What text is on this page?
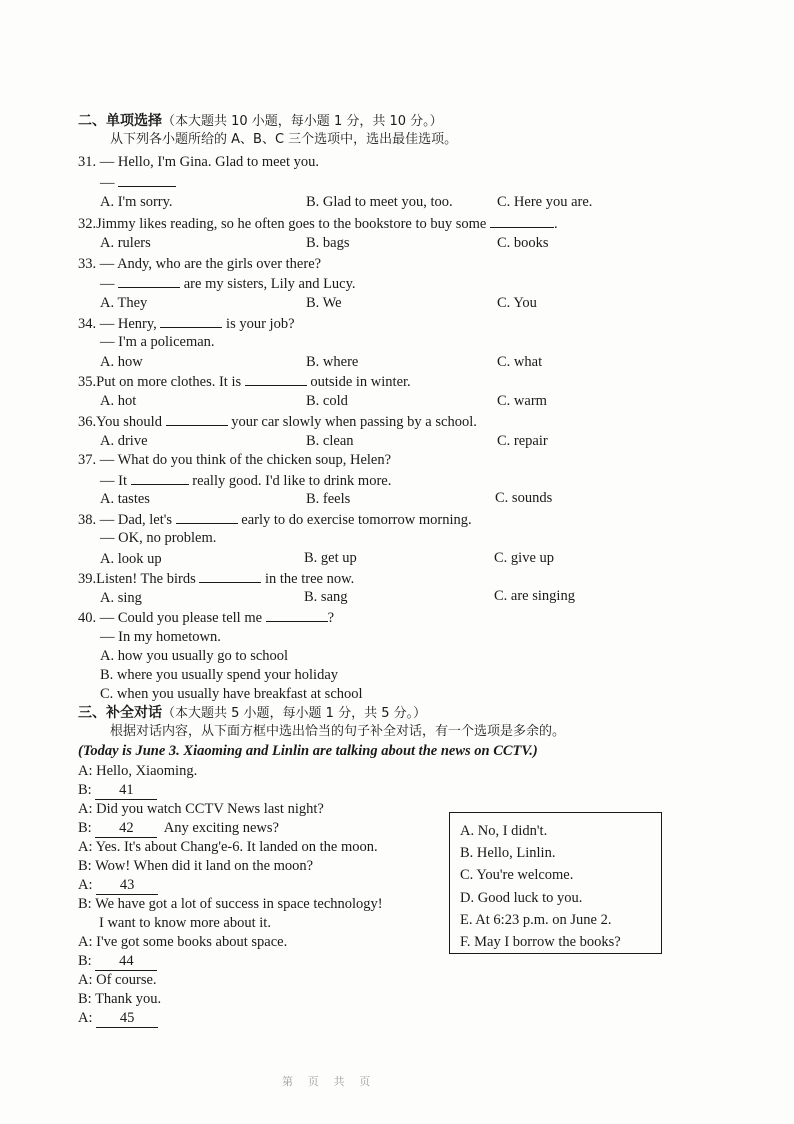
二、单项选择（本大题共 10 小题，每小题 1 分，共 10 分。）
从下列各小题所给的 A、B、C 三个选项中，选出最佳选项。
31. — Hello, I'm Gina. Glad to meet you.
—
A. I'm sorry.	B. Glad to meet you, too.	C. Here you are.
32.Jimmy likes reading, so he often goes to the bookstore to buy some	.
A. rulers	B. bags	C. books
33. — Andy, who are the girls over there?
—	are my sisters, Lily and Lucy.
A. They	B. We	C. You
34. — Henry,	is your job?
— I'm a policeman.
A. how	B. where	C. what
35.Put on more clothes. It is	outside in winter.
A. hot	B. cold	C. warm
36.You should	your car slowly when passing by a school.
A. drive	B. clean	C. repair
37. — What do you think of the chicken soup, Helen?
— It	really good. I'd like to drink more.
A. tastes	B. feels	C. sounds
38. — Dad, let's	early to do exercise tomorrow morning.
— OK, no problem.
A. look up	B. get up	C. give up
39.Listen! The birds	in the tree now.
A. sing	B. sang	C. are singing
40. — Could you please tell me	?
— In my hometown.
A. how you usually go to school
B. where you usually spend your holiday
C. when you usually have breakfast at school
三、补全对话（本大题共 5 小题，每小题 1 分，共 5 分。）
根据对话内容，从下面方框中选出恰当的句子补全对话，有一个选项是多余的。
(Today is June 3. Xiaoming and Linlin are talking about the news on CCTV.)
A: Hello, Xiaoming.
B: 41
A: Did you watch CCTV News last night?
B: 42 Any exciting news?
A: Yes. It's about Chang'e-6. It landed on the moon.
B: Wow! When did it land on the moon?
A: 43
B: We have got a lot of success in space technology!
I want to know more about it.
A: I've got some books about space.
B: 44
A: Of course.
B: Thank you.
A: 45
A. No, I didn't.
B. Hello, Linlin.
C. You're welcome.
D. Good luck to you.
E. At 6:23 p.m. on June 2.
F. May I borrow the books?
第 页 共 页
